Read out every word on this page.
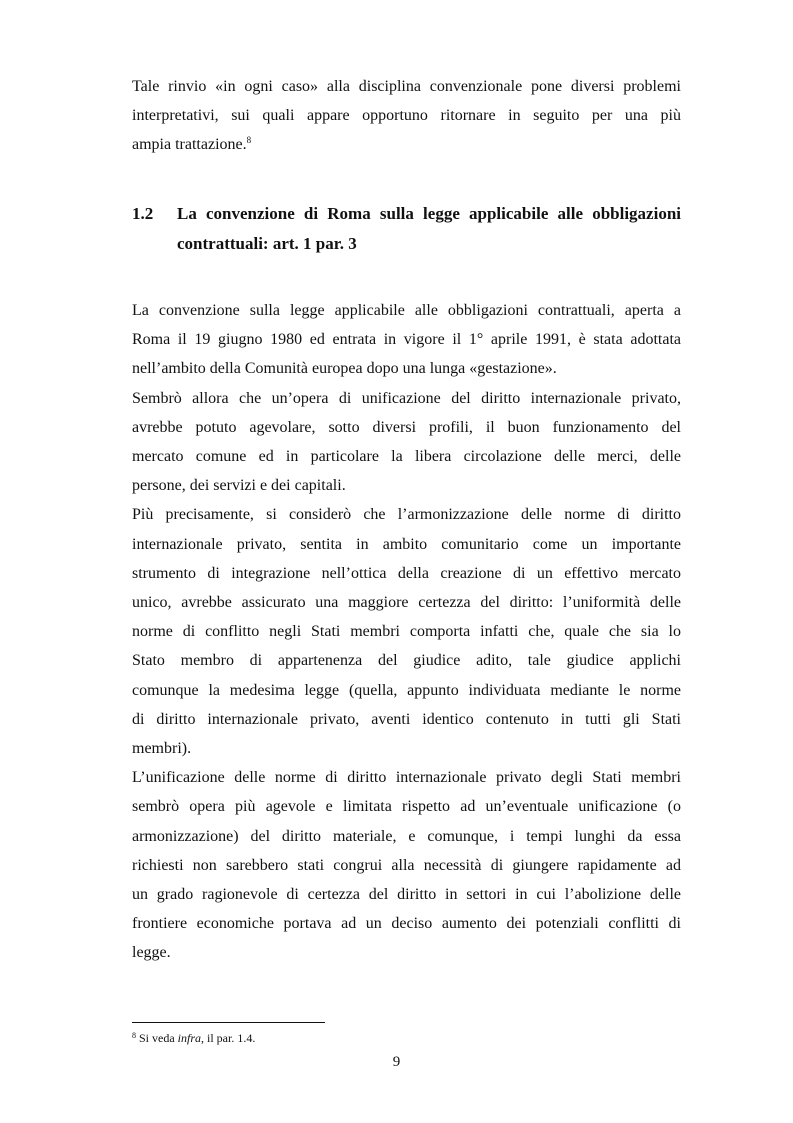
Tale rinvio «in ogni caso» alla disciplina convenzionale pone diversi problemi
interpretativi, sui quali appare opportuno ritornare in seguito per una più
ampia trattazione.$^8$
1.2 La convenzione di Roma sulla legge applicabile alle obbligazioni
contrattuali: art. 1 par. 3
La convenzione sulla legge applicabile alle obbligazioni contrattuali, aperta a
Roma il 19 giugno 1980 ed entrata in vigore il 1° aprile 1991, è stata adottata
nell’ambito della Comunità europea dopo una lunga «gestazione».
Sembrò allora che un’opera di unificazione del diritto internazionale privato,
avrebbe potuto agevolare, sotto diversi profili, il buon funzionamento del
mercato comune ed in particolare la libera circolazione delle merci, delle
persone, dei servizi e dei capitali.
Più precisamente, si considerò che l’armonizzazione delle norme di diritto
internazionale privato, sentita in ambito comunitario come un importante
strumento di integrazione nell’ottica della creazione di un effettivo mercato
unico, avrebbe assicurato una maggiore certezza del diritto: l’uniformità delle
norme di conflitto negli Stati membri comporta infatti che, quale che sia lo
Stato membro di appartenenza del giudice adito, tale giudice applichi
comunque la medesima legge (quella, appunto individuata mediante le norme
di diritto internazionale privato, aventi identico contenuto in tutti gli Stati
membri).
L’unificazione delle norme di diritto internazionale privato degli Stati membri
sembrò opera più agevole e limitata rispetto ad un’eventuale unificazione (o
armonizzazione) del diritto materiale, e comunque, i tempi lunghi da essa
richiesti non sarebbero stati congrui alla necessità di giungere rapidamente ad
un grado ragionevole di certezza del diritto in settori in cui l’abolizione delle
frontiere economiche portava ad un deciso aumento dei potenziali conflitti di
legge.
$^8$ Si veda infra, il par. 1.4.
9
